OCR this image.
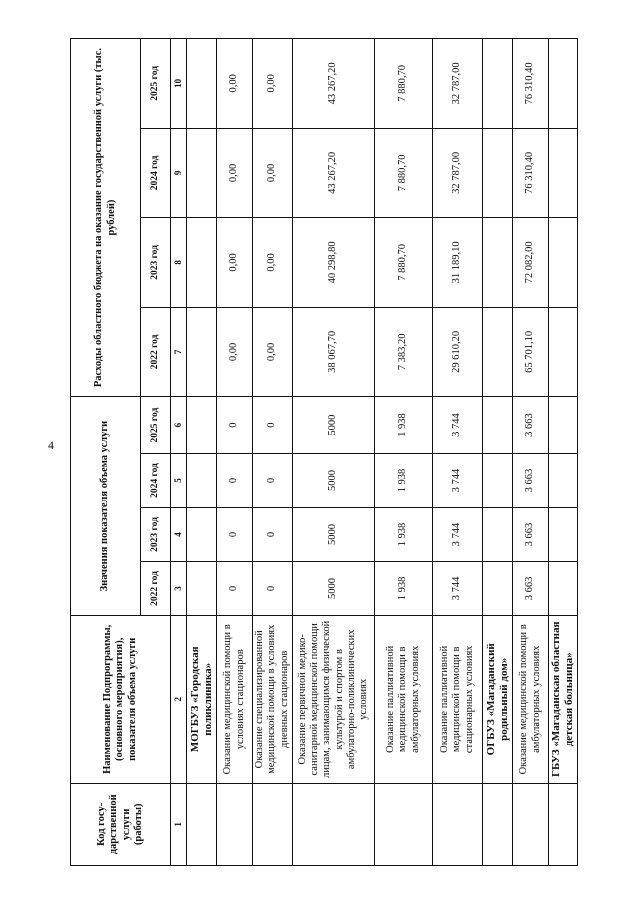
4
Код госу-дарственной услуги (работы)	Наименование Подпрограммы, (основного мероприятия), показателя объема услуги	Значения показателя объема услуги				Расходы областного бюджета на оказание государственной услуги (тыс. рублей)			
		2022 год	2023 год	2024 год	2025 год	2022 год	2023 год	2024 год	2025 год
1	2	3	4	5	6	7	8	9	10
	МОГБУЗ «Городская поликлиника»								
	Оказание медицинской помощи в условиях стационаров	0	0	0	0	0,00	0,00	0,00	0,00
	Оказание специализированной медицинской помощи в условиях дневных стационаров	0	0	0	0	0,00	0,00	0,00	0,00
	Оказание первичной медико-санитарной медицинской помощи лицам, занимающимся физической культурой и спортом в амбулаторно-поликлинических условиях	5000	5000	5000	5000	38 067,70	40 298,80	43 267,20	43 267,20
	Оказание паллиативной медицинской помощи в амбулаторных условиях	1 938	1 938	1 938	1 938	7 383,20	7 880,70	7 880,70	7 880,70
	Оказание паллиативной медицинской помощи в стационарных условиях	3 744	3 744	3 744	3 744	29 610,20	31 189,10	32 787,00	32 787,00
	ОГБУЗ «Магаданский родильный дом»								
	Оказание медицинской помощи в амбулаторных условиях	3 663	3 663	3 663	3 663	65 701,10	72 082,00	76 310,40	76 310,40
	ГБУЗ «Магаданская областная детская больница»								
